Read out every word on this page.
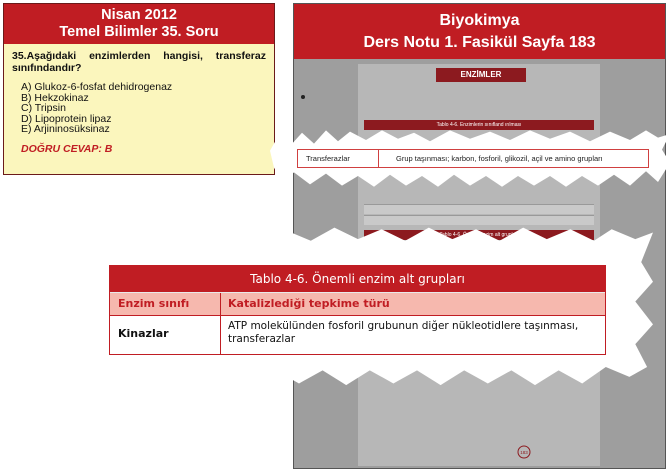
Nisan 2012
Temel Bilimler 35. Soru
35.Aşağıdaki enzimlerden hangisi, transferaz sınıfındandır?
A) Glukoz-6-fosfat dehidrogenaz
B) Hekzokinaz
C) Tripsin
D) Lipoprotein lipaz
E) Arjininosüksinaz
DOĞRU CEVAP: B
Biyokimya
Ders Notu 1. Fasikül Sayfa 183
ENZİMLER
Tablo 4-6. Enzimlerin sınıfland ırılması
183
Transferazlar	Grup taşınması; karbon, fosforil, glikozil, açil ve amino grupları
Tablo 4-6. Önemli enzim alt grupları
Enzim sınıfı	Katalizlediği tepkime türü
Kinazlar
ATP molekülünden fosforil grubunun diğer nükleotidlere taşınması, transferazlar
